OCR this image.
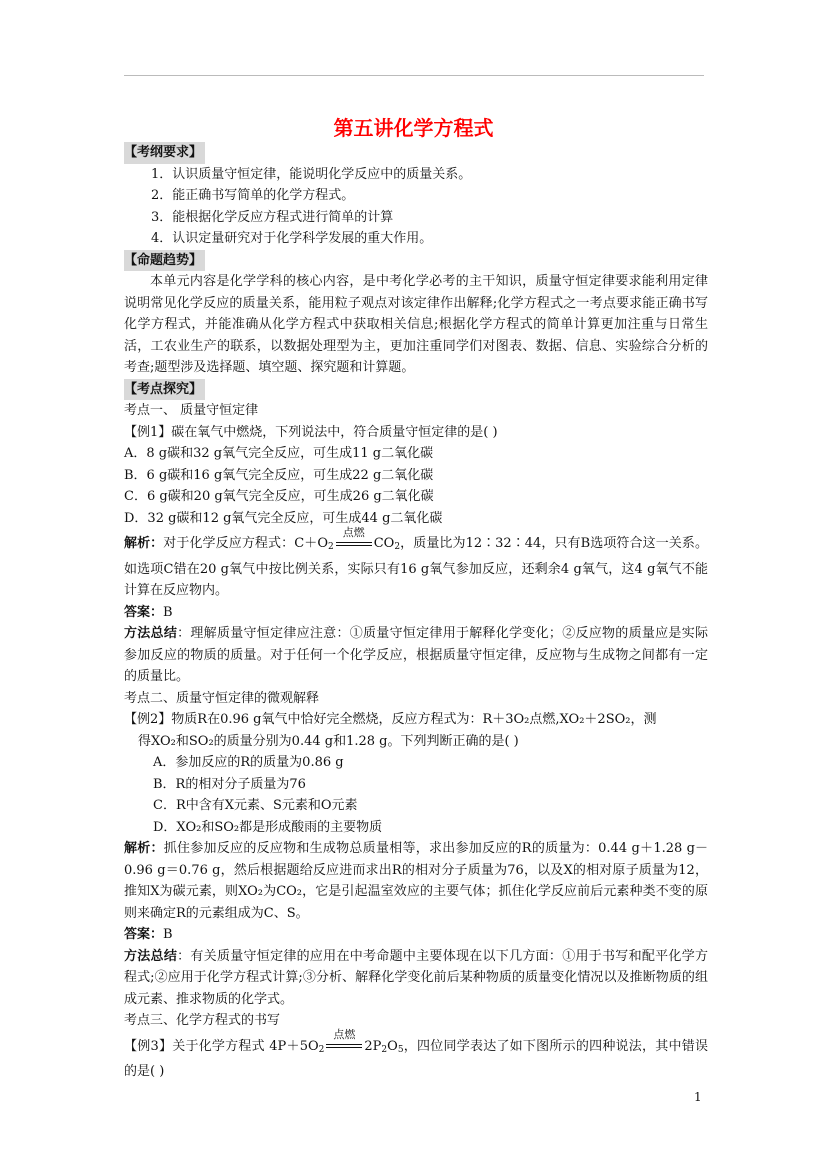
第五讲化学方程式

【考纲要求】

1．认识质量守恒定律，能说明化学反应中的质量关系。

2．能正确书写简单的化学方程式。

3．能根据化学反应方程式进行简单的计算

4．认识定量研究对于化学科学发展的重大作用。

【命题趋势】

本单元内容是化学学科的核心内容，是中考化学必考的主干知识，质量守恒定律要求能利用定律说明常见化学反应的质量关系，能用粒子观点对该定律作出解释;化学方程式之一考点要求能正确书写化学方程式，并能准确从化学方程式中获取相关信息;根据化学方程式的简单计算更加注重与日常生活，工农业生产的联系，以数据处理型为主，更加注重同学们对图表、数据、信息、实验综合分析的考查;题型涉及选择题、填空题、探究题和计算题。

【考点探究】

考点一、 质量守恒定律

【例1】碳在氧气中燃烧，下列说法中，符合质量守恒定律的是( )

A．8 g碳和32 g氧气完全反应，可生成11 g二氧化碳

B．6 g碳和16 g氧气完全反应，可生成22 g二氧化碳

C．6 g碳和20 g氧气完全反应，可生成26 g二氧化碳

D．32 g碳和12 g氧气完全反应，可生成44 g二氧化碳

解析：对于化学反应方程式：$C+O_2$
点燃
$CO_2$，质量比为12∶32∶44，只有B选项符合这一关系。如选项C错在20 g氧气中按比例关系，实际只有16 g氧气参加反应，还剩余4 g氧气，这4 g氧气不能计算在反应物内。

答案：B

方法总结：理解质量守恒定律应注意：①质量守恒定律用于解释化学变化；②反应物的质量应是实际参加反应的物质的质量。对于任何一个化学反应，根据质量守恒定律，反应物与生成物之间都有一定的质量比。

考点二、质量守恒定律的微观解释

【例2】物质R在0.96 g氧气中恰好完全燃烧，反应方程式为：R＋3O₂点燃,XO₂＋2SO₂，测

得XO₂和SO₂的质量分别为0.44 g和1.28 g。下列判断正确的是( )

A．参加反应的R的质量为0.86 g

B．R的相对分子质量为76

C．R中含有X元素、S元素和O元素

D．XO₂和SO₂都是形成酸雨的主要物质

解析：抓住参加反应的反应物和生成物总质量相等，求出参加反应的R的质量为：0.44 g＋1.28 g－0.96 g＝0.76 g，然后根据题给反应进而求出R的相对分子质量为76，以及X的相对原子质量为12，推知X为碳元素，则XO₂为CO₂，它是引起温室效应的主要气体；抓住化学反应前后元素种类不变的原则来确定R的元素组成为C、S。

答案：B

方法总结：有关质量守恒定律的应用在中考命题中主要体现在以下几方面：①用于书写和配平化学方程式;②应用于化学方程式计算;③分析、解释化学变化前后某种物质的质量变化情况以及推断物质的组成元素、推求物质的化学式。

考点三、化学方程式的书写

【例3】关于化学方程式 $4P+5O_2$
点燃
$2P_2O_5$，四位同学表达了如下图所示的四种说法，其中错误的是( )

1
